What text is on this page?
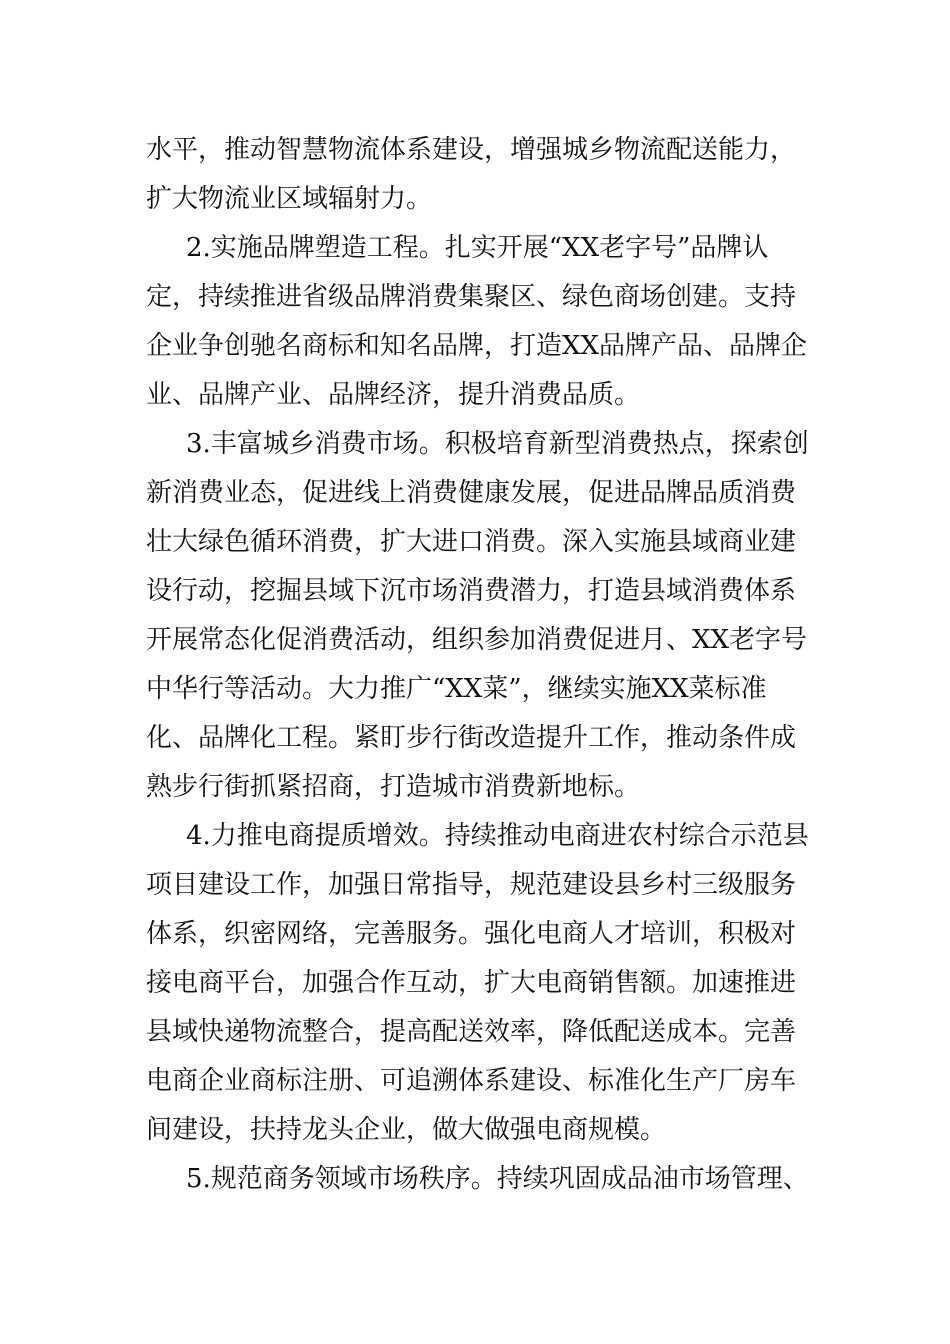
水平，推动智慧物流体系建设，增强城乡物流配送能力，
扩大物流业区域辐射力。
2.实施品牌塑造工程。扎实开展“XX老字号”品牌认
定，持续推进省级品牌消费集聚区、绿色商场创建。支持
企业争创驰名商标和知名品牌，打造XX品牌产品、品牌企
业、品牌产业、品牌经济，提升消费品质。
3.丰富城乡消费市场。积极培育新型消费热点，探索创
新消费业态，促进线上消费健康发展，促进品牌品质消费
壮大绿色循环消费，扩大进口消费。深入实施县域商业建
设行动，挖掘县域下沉市场消费潜力，打造县域消费体系
开展常态化促消费活动，组织参加消费促进月、XX老字号
中华行等活动。大力推广“XX菜”，继续实施XX菜标准
化、品牌化工程。紧盯步行街改造提升工作，推动条件成
熟步行街抓紧招商，打造城市消费新地标。
4.力推电商提质增效。持续推动电商进农村综合示范县
项目建设工作，加强日常指导，规范建设县乡村三级服务
体系，织密网络，完善服务。强化电商人才培训，积极对
接电商平台，加强合作互动，扩大电商销售额。加速推进
县域快递物流整合，提高配送效率，降低配送成本。完善
电商企业商标注册、可追溯体系建设、标准化生产厂房车
间建设，扶持龙头企业，做大做强电商规模。
5.规范商务领域市场秩序。持续巩固成品油市场管理、
